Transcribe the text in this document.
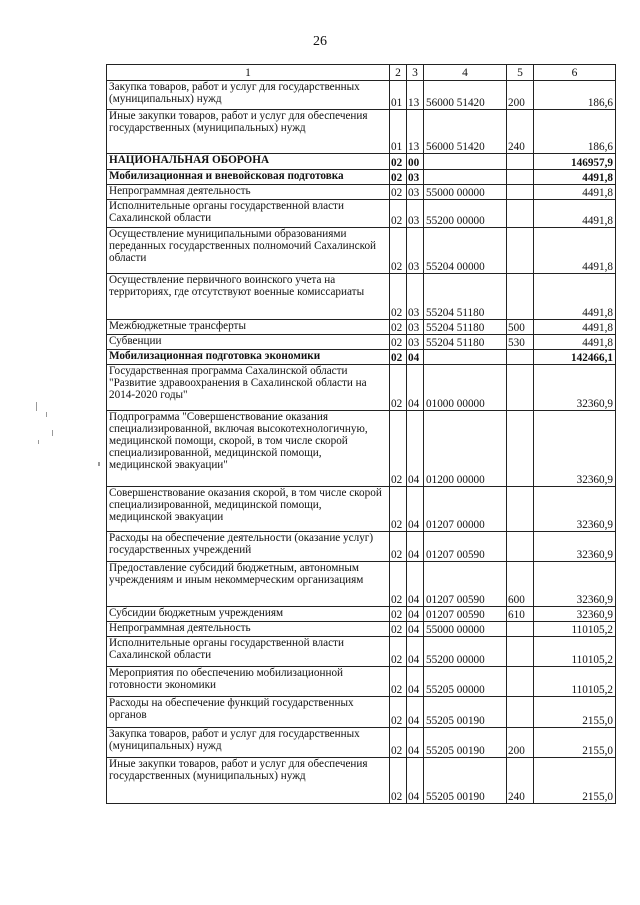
26
1	2	3	4	5	6
Закупка товаров, работ и услуг для государственных (муниципальных) нужд	01	13	56000 51420	200	186,6
Иные закупки товаров, работ и услуг для обеспечения государственных (муниципальных) нужд	01	13	56000 51420	240	186,6
НАЦИОНАЛЬНАЯ ОБОРОНА	02	00			146957,9
Мобилизационная и вневойсковая подготовка	02	03			4491,8
Непрограммная деятельность	02	03	55000 00000		4491,8
Исполнительные органы государственной власти Сахалинской области	02	03	55200 00000		4491,8
Осуществление муниципальными образованиями переданных государственных полномочий Сахалинской области	02	03	55204 00000		4491,8
Осуществление первичного воинского учета на территориях, где отсутствуют военные комиссариаты	02	03	55204 51180		4491,8
Межбюджетные трансферты	02	03	55204 51180	500	4491,8
Субвенции	02	03	55204 51180	530	4491,8
Мобилизационная подготовка экономики	02	04			142466,1
Государственная программа Сахалинской области "Развитие здравоохранения в Сахалинской области на 2014-2020 годы"	02	04	01000 00000		32360,9
Подпрограмма "Совершенствование оказания специализированной, включая высокотехнологичную, медицинской помощи, скорой, в том числе скорой специализированной, медицинской помощи, медицинской эвакуации"	02	04	01200 00000		32360,9
Совершенствование оказания скорой, в том числе скорой специализированной, медицинской помощи, медицинской эвакуации	02	04	01207 00000		32360,9
Расходы на обеспечение деятельности (оказание услуг) государственных учреждений	02	04	01207 00590		32360,9
Предоставление субсидий бюджетным, автономным учреждениям и иным некоммерческим организациям	02	04	01207 00590	600	32360,9
Субсидии бюджетным учреждениям	02	04	01207 00590	610	32360,9
Непрограммная деятельность	02	04	55000 00000		110105,2
Исполнительные органы государственной власти Сахалинской области	02	04	55200 00000		110105,2
Мероприятия по обеспечению мобилизационной готовности экономики	02	04	55205 00000		110105,2
Расходы на обеспечение функций государственных органов	02	04	55205 00190		2155,0
Закупка товаров, работ и услуг для государственных (муниципальных) нужд	02	04	55205 00190	200	2155,0
Иные закупки товаров, работ и услуг для обеспечения государственных (муниципальных) нужд	02	04	55205 00190	240	2155,0
